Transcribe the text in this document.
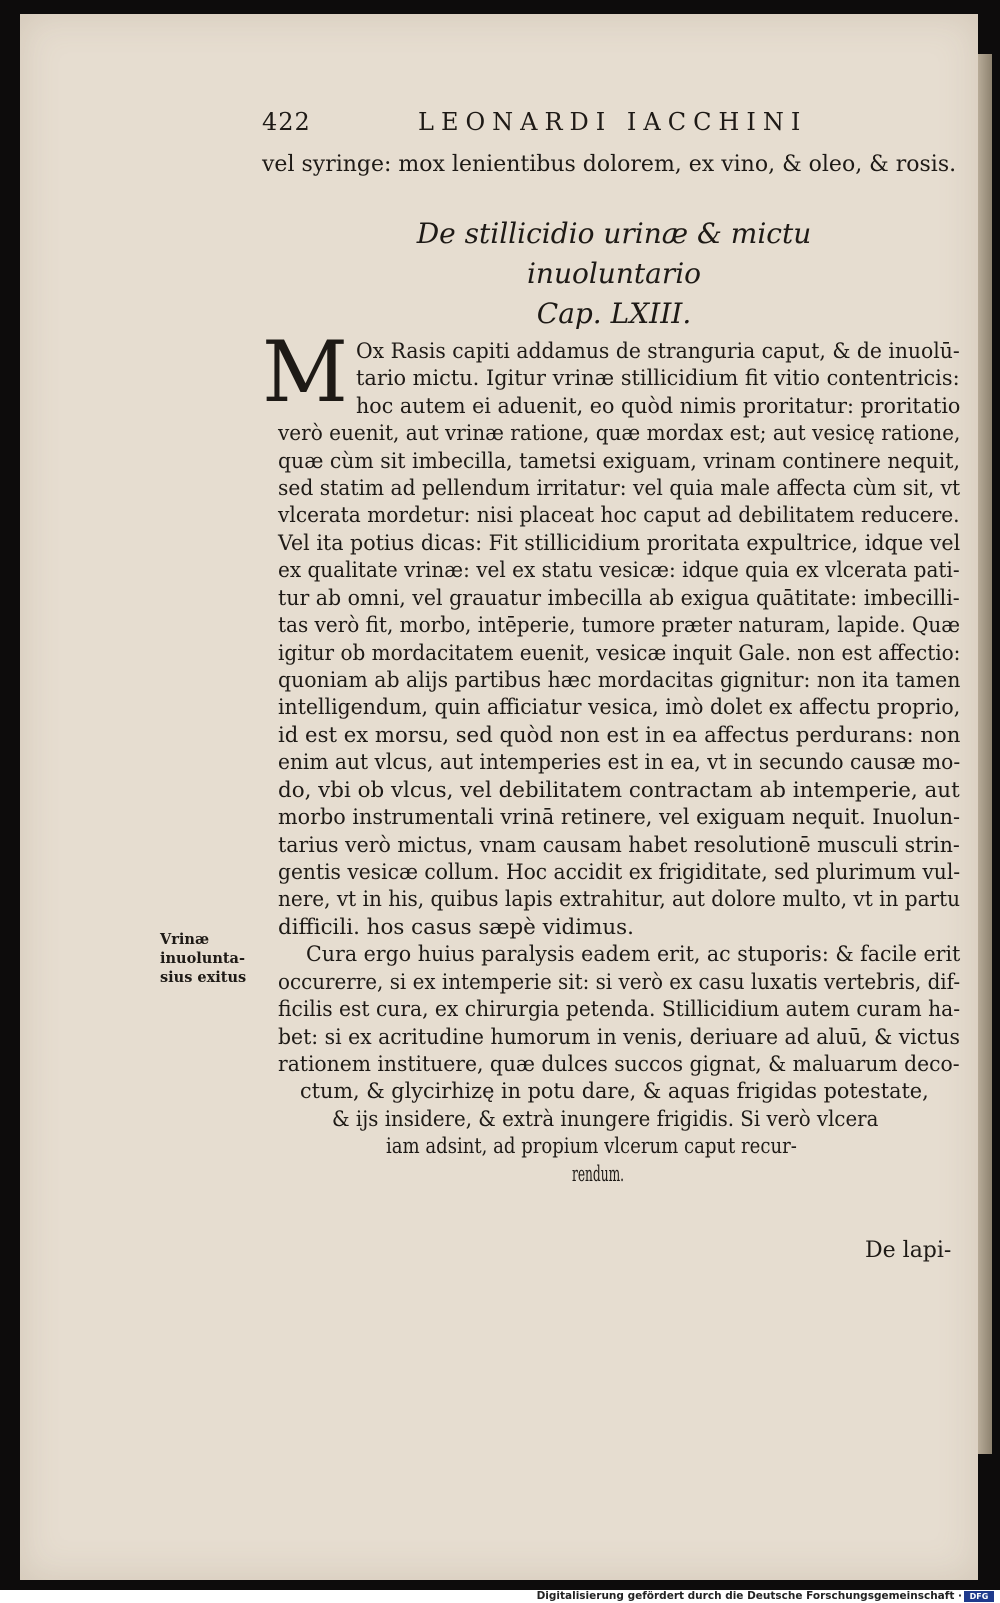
422	LEONARDI IACCHINI
vel syringe: mox lenientibus dolorem, ex vino, & oleo, & rosis.
De stillicidio urinæ & mictu inuoluntario
Cap. LXIII.
M Ox Rasis capiti addamus de stranguria caput, & de inuolū-
tario mictu. Igitur vrinæ stillicidium fit vitio contentricis:
hoc autem ei aduenit, eo quòd nimis proritatur: proritatio
verò euenit, aut vrinæ ratione, quæ mordax est; aut vesicę ratione,
quæ cùm sit imbecilla, tametsi exiguam, vrinam continere nequit,
sed statim ad pellendum irritatur: vel quia male affecta cùm sit, vt
vlcerata mordetur: nisi placeat hoc caput ad debilitatem reducere.
Vel ita potius dicas: Fit stillicidium proritata expultrice, idque vel
ex qualitate vrinæ: vel ex statu vesicæ: idque quia ex vlcerata pati-
tur ab omni, vel grauatur imbecilla ab exigua quātitate: imbecilli-
tas verò fit, morbo, intēperie, tumore præter naturam, lapide. Quæ
igitur ob mordacitatem euenit, vesicæ inquit Gale. non est affectio:
quoniam ab alijs partibus hæc mordacitas gignitur: non ita tamen
intelligendum, quin afficiatur vesica, imò dolet ex affectu proprio,
id est ex morsu, sed quòd non est in ea affectus perdurans: non
enim aut vlcus, aut intemperies est in ea, vt in secundo causæ mo-
do, vbi ob vlcus, vel debilitatem contractam ab intemperie, aut
morbo instrumentali vrinā retinere, vel exiguam nequit. Inuolun-
tarius verò mictus, vnam causam habet resolutionē musculi strin-
gentis vesicæ collum. Hoc accidit ex frigiditate, sed plurimum vul-
nere, vt in his, quibus lapis extrahitur, aut dolore multo, vt in partu
difficili. hos casus sæpè vidimus.
Vrinæ
inuolunta-
sius exitus
Cura ergo huius paralysis eadem erit, ac stuporis: & facile erit
occurerre, si ex intemperie sit: si verò ex casu luxatis vertebris, dif-
ficilis est cura, ex chirurgia petenda. Stillicidium autem curam ha-
bet: si ex acritudine humorum in venis, deriuare ad aluū, & victus
rationem instituere, quæ dulces succos gignat, & maluarum deco-
ctum, & glycirhizę in potu dare, & aquas frigidas potestate,
& ijs insidere, & extrà inungere frigidis. Si verò vlcera
iam adsint, ad propium vlcerum caput recur-
rendum.
De lapi-
Digitalisierung gefördert durch die Deutsche Forschungsgemeinschaft · DFG
